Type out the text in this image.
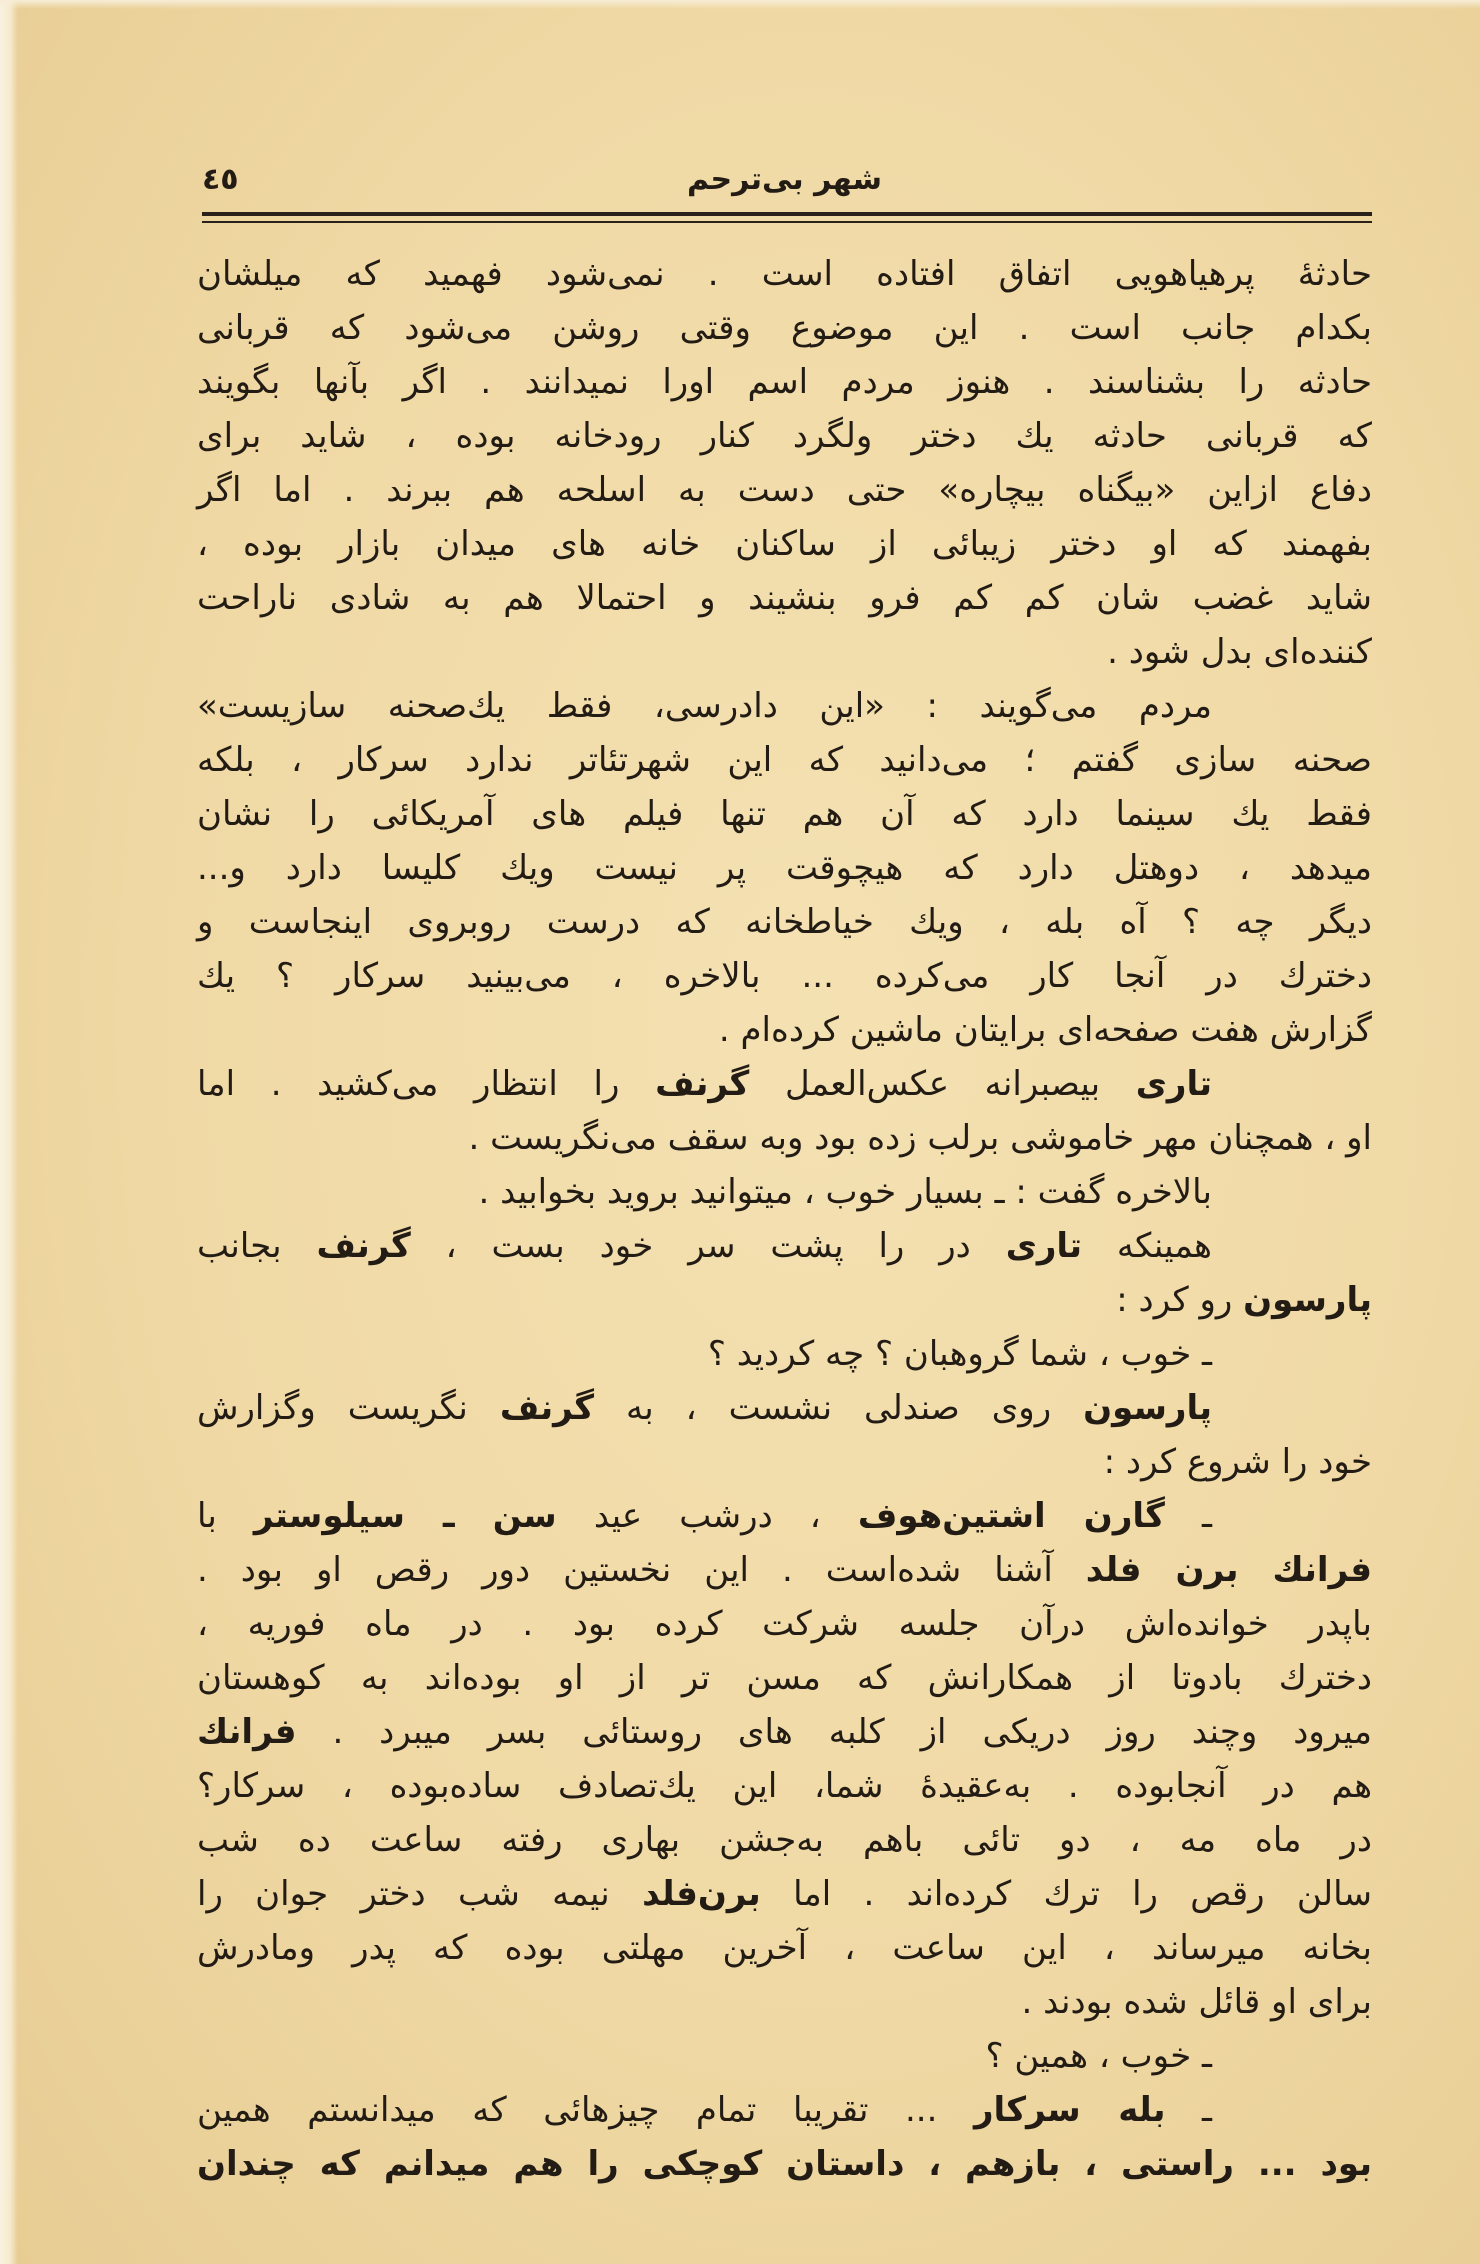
٤٥	شهر بی‌ترحم
حادثهٔ پرهیاهویی اتفاق افتاده است . نمی‌شود فهمید که میلشان
بکدام جانب است . این موضوع وقتی روشن می‌شود که قربانی
حادثه را بشناسند . هنوز مردم اسم اورا نمیدانند . اگر بآنها بگویند
که قربانی حادثه یك دختر ولگرد کنار رودخانه بوده ، شاید برای
دفاع ازاین «بیگناه بیچاره» حتی دست به اسلحه هم ببرند . اما اگر
بفهمند که او دختر زیبائی از ساکنان خانه های میدان بازار بوده ،
شاید غضب شان کم کم فرو بنشیند و احتمالا هم به شادی ناراحت
کننده‌ای بدل شود .
مردم می‌گویند : «این دادرسی، فقط یك‌صحنه سازیست»
صحنه سازی گفتم ؛ می‌دانید که این شهرتئاتر ندارد سرکار ، بلکه
فقط یك سینما دارد که آن هم تنها فیلم های آمریکائی را نشان
میدهد ، دوهتل دارد که هیچوقت پر نیست ویك کلیسا دارد و...
دیگر چه ؟ آه بله ، ویك خیاطخانه که درست روبروی اینجاست و
دخترك در آنجا کار می‌کرده ... بالاخره ، می‌بینید سرکار ؟ یك
گزارش هفت صفحه‌ای برایتان ماشین کرده‌ام .
تاری بیصبرانه عکس‌العمل گرنف را انتظار می‌کشید . اما
او ، همچنان مهر خاموشی برلب زده بود وبه سقف می‌نگریست .
بالاخره گفت : ـ بسیار خوب ، میتوانید بروید بخوابید .
همینکه تاری در را پشت سر خود بست ، گرنف بجانب
پارسون رو کرد :
ـ خوب ، شما گروهبان ؟ چه کردید ؟
پارسون روی صندلی نشست ، به گرنف نگریست وگزارش
خود را شروع کرد :
ـ گارن اشتین‌هوف ، درشب عید سن ـ سیلوستر با
فرانك برن فلد آشنا شده‌است . این نخستین دور رقص او بود .
باپدر خوانده‌اش درآن جلسه شرکت کرده بود . در ماه فوریه ،
دخترك بادوتا از همکارانش که مسن تر از او بوده‌اند به کوهستان
میرود وچند روز دریکی از کلبه های روستائی بسر میبرد . فرانك
هم در آنجابوده . به‌عقیدهٔ شما، این یك‌تصادف ساده‌بوده ، سرکار؟
در ماه مه ، دو تائی باهم به‌جشن بهاری رفته ساعت ده شب
سالن رقص را ترك کرده‌اند . اما برن‌فلد نیمه شب دختر جوان را
بخانه میرساند ، این ساعت ، آخرین مهلتی بوده که پدر ومادرش
برای او قائل شده بودند .
ـ خوب ، همین ؟
ـ بله سرکار ... تقریبا تمام چیزهائی که میدانستم همین
بود ... راستی ، بازهم ، داستان کوچکی را هم میدانم که چندان
